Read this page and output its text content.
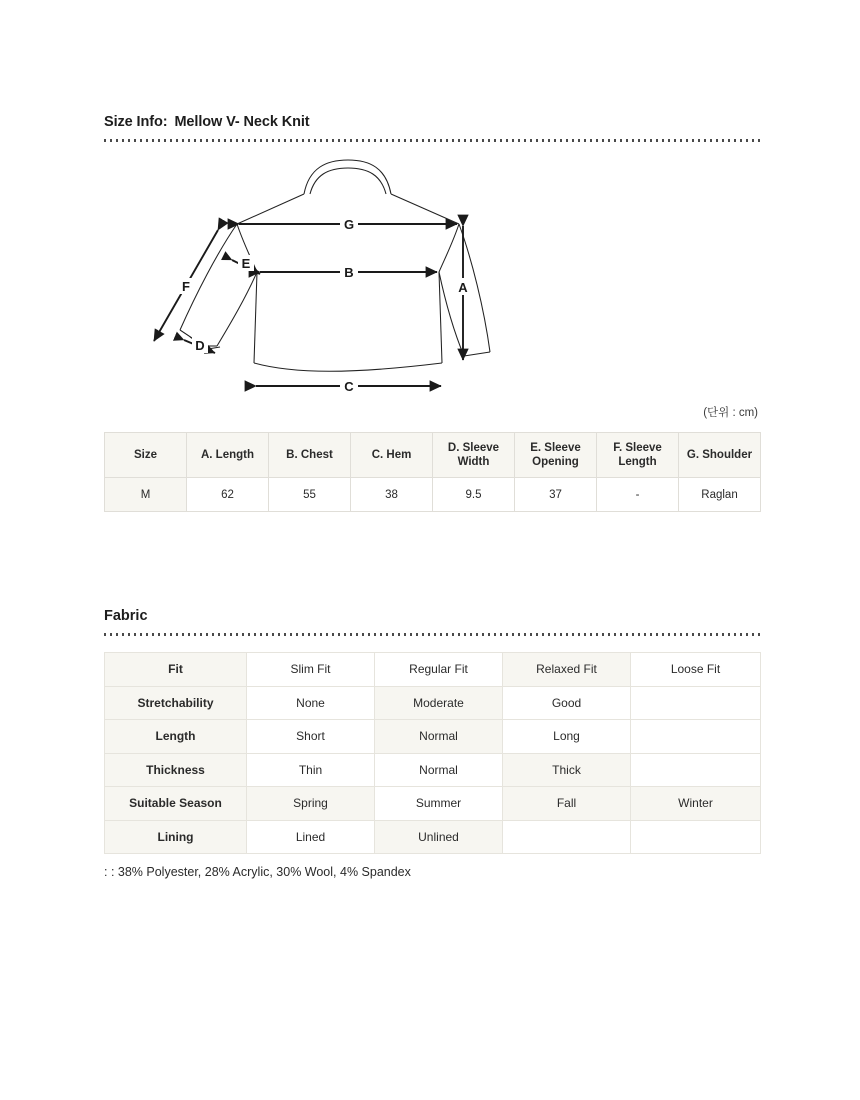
Size Info: Mellow V- Neck Knit
G
B
C
A
E
D
F
(단위 : cm)
Size	A. Length	B. Chest	C. Hem	D. Sleeve Width	E. Sleeve Opening	F. Sleeve Length	G. Shoulder
M	62	55	38	9.5	37	-	Raglan
Fabric
Fit	Slim Fit	Regular Fit	Relaxed Fit	Loose Fit
Stretchability	None	Moderate	Good	
Length	Short	Normal	Long	
Thickness	Thin	Normal	Thick	
Suitable Season	Spring	Summer	Fall	Winter
Lining	Lined	Unlined		
: : 38% Polyester, 28% Acrylic, 30% Wool, 4% Spandex
